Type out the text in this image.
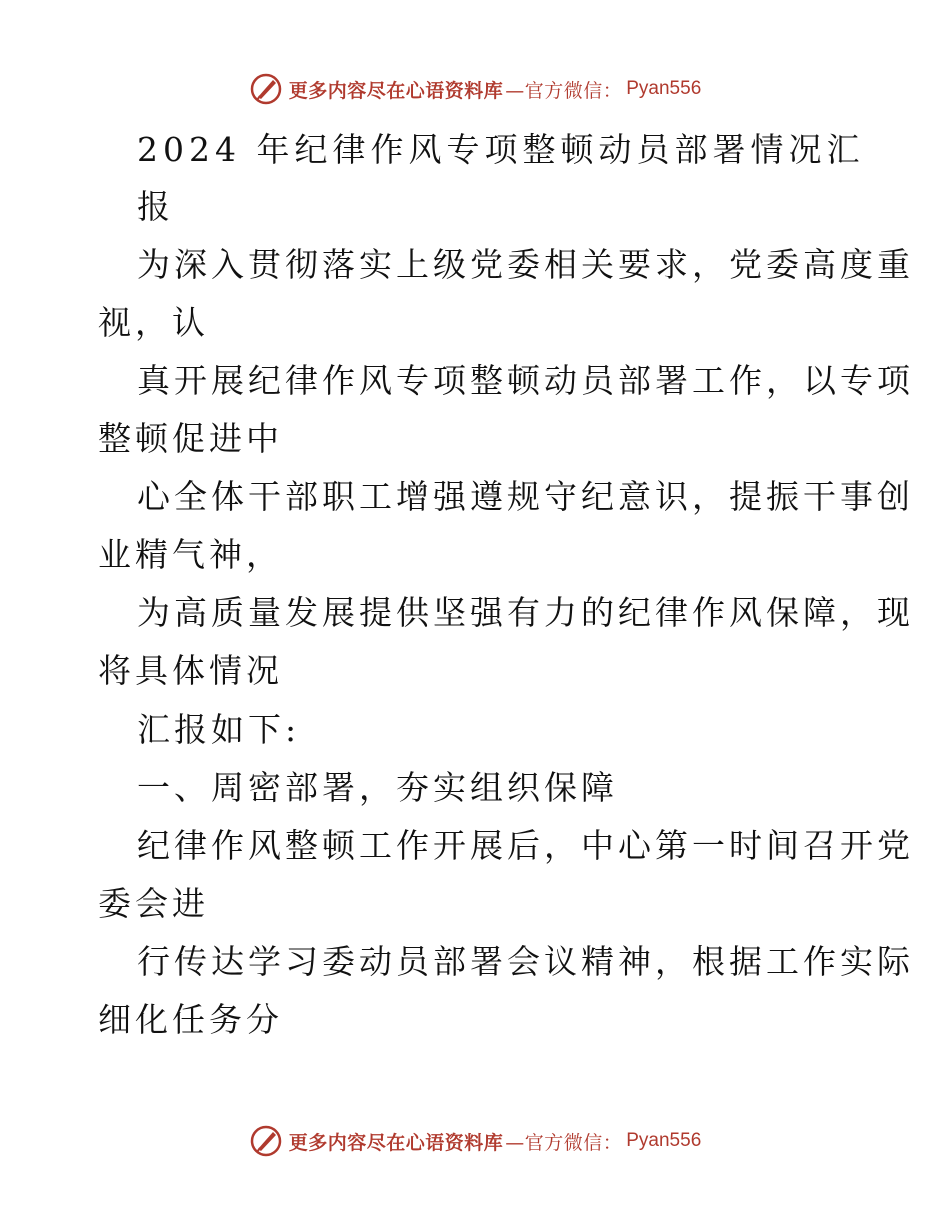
更多内容尽在心语资料库 —官方微信： Pyan556
2024 年纪律作风专项整顿动员部署情况汇
报
为深入贯彻落实上级党委相关要求，党委高度重
视，认
真开展纪律作风专项整顿动员部署工作，以专项
整顿促进中
心全体干部职工增强遵规守纪意识，提振干事创
业精气神，
为高质量发展提供坚强有力的纪律作风保障，现
将具体情况
汇报如下:
一、周密部署，夯实组织保障
纪律作风整顿工作开展后，中心第一时间召开党
委会进
行传达学习委动员部署会议精神，根据工作实际
细化任务分
更多内容尽在心语资料库 —官方微信： Pyan556
